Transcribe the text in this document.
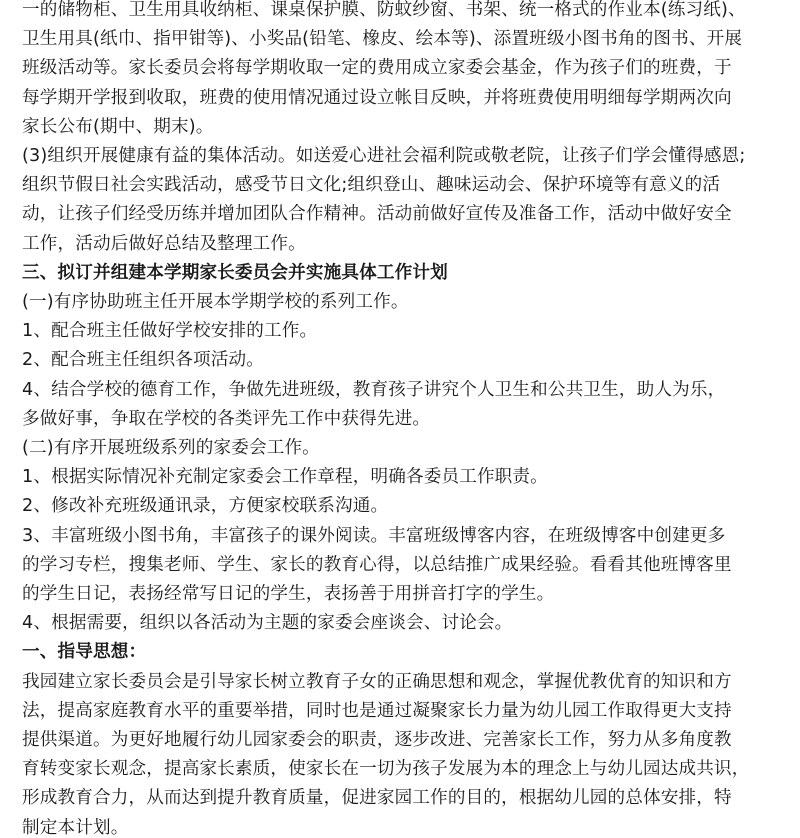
一的储物柜、卫生用具收纳柜、课桌保护膜、防蚊纱窗、书架、统一格式的作业本(练习纸)、
卫生用具(纸巾、指甲钳等)、小奖品(铅笔、橡皮、绘本等)、添置班级小图书角的图书、开展
班级活动等。家长委员会将每学期收取一定的费用成立家委会基金，作为孩子们的班费，于
每学期开学报到收取，班费的使用情况通过设立帐目反映，并将班费使用明细每学期两次向
家长公布(期中、期末)。
(3)组织开展健康有益的集体活动。如送爱心进社会福利院或敬老院，让孩子们学会懂得感恩;
组织节假日社会实践活动，感受节日文化;组织登山、趣味运动会、保护环境等有意义的活
动，让孩子们经受历练并增加团队合作精神。活动前做好宣传及准备工作，活动中做好安全
工作，活动后做好总结及整理工作。
三、拟订并组建本学期家长委员会并实施具体工作计划
(一)有序协助班主任开展本学期学校的系列工作。
1、配合班主任做好学校安排的工作。
2、配合班主任组织各项活动。
4、结合学校的德育工作，争做先进班级，教育孩子讲究个人卫生和公共卫生，助人为乐，
多做好事，争取在学校的各类评先工作中获得先进。
(二)有序开展班级系列的家委会工作。
1、根据实际情况补充制定家委会工作章程，明确各委员工作职责。
2、修改补充班级通讯录，方便家校联系沟通。
3、丰富班级小图书角，丰富孩子的课外阅读。丰富班级博客内容，在班级博客中创建更多
的学习专栏，搜集老师、学生、家长的教育心得，以总结推广成果经验。看看其他班博客里
的学生日记，表扬经常写日记的学生，表扬善于用拼音打字的学生。
4、根据需要，组织以各活动为主题的家委会座谈会、讨论会。
一、指导思想：
我园建立家长委员会是引导家长树立教育子女的正确思想和观念，掌握优教优育的知识和方
法，提高家庭教育水平的重要举措，同时也是通过凝聚家长力量为幼儿园工作取得更大支持
提供渠道。为更好地履行幼儿园家委会的职责，逐步改进、完善家长工作，努力从多角度教
育转变家长观念，提高家长素质，使家长在一切为孩子发展为本的理念上与幼儿园达成共识，
形成教育合力，从而达到提升教育质量，促进家园工作的目的，根据幼儿园的总体安排，特
制定本计划。
